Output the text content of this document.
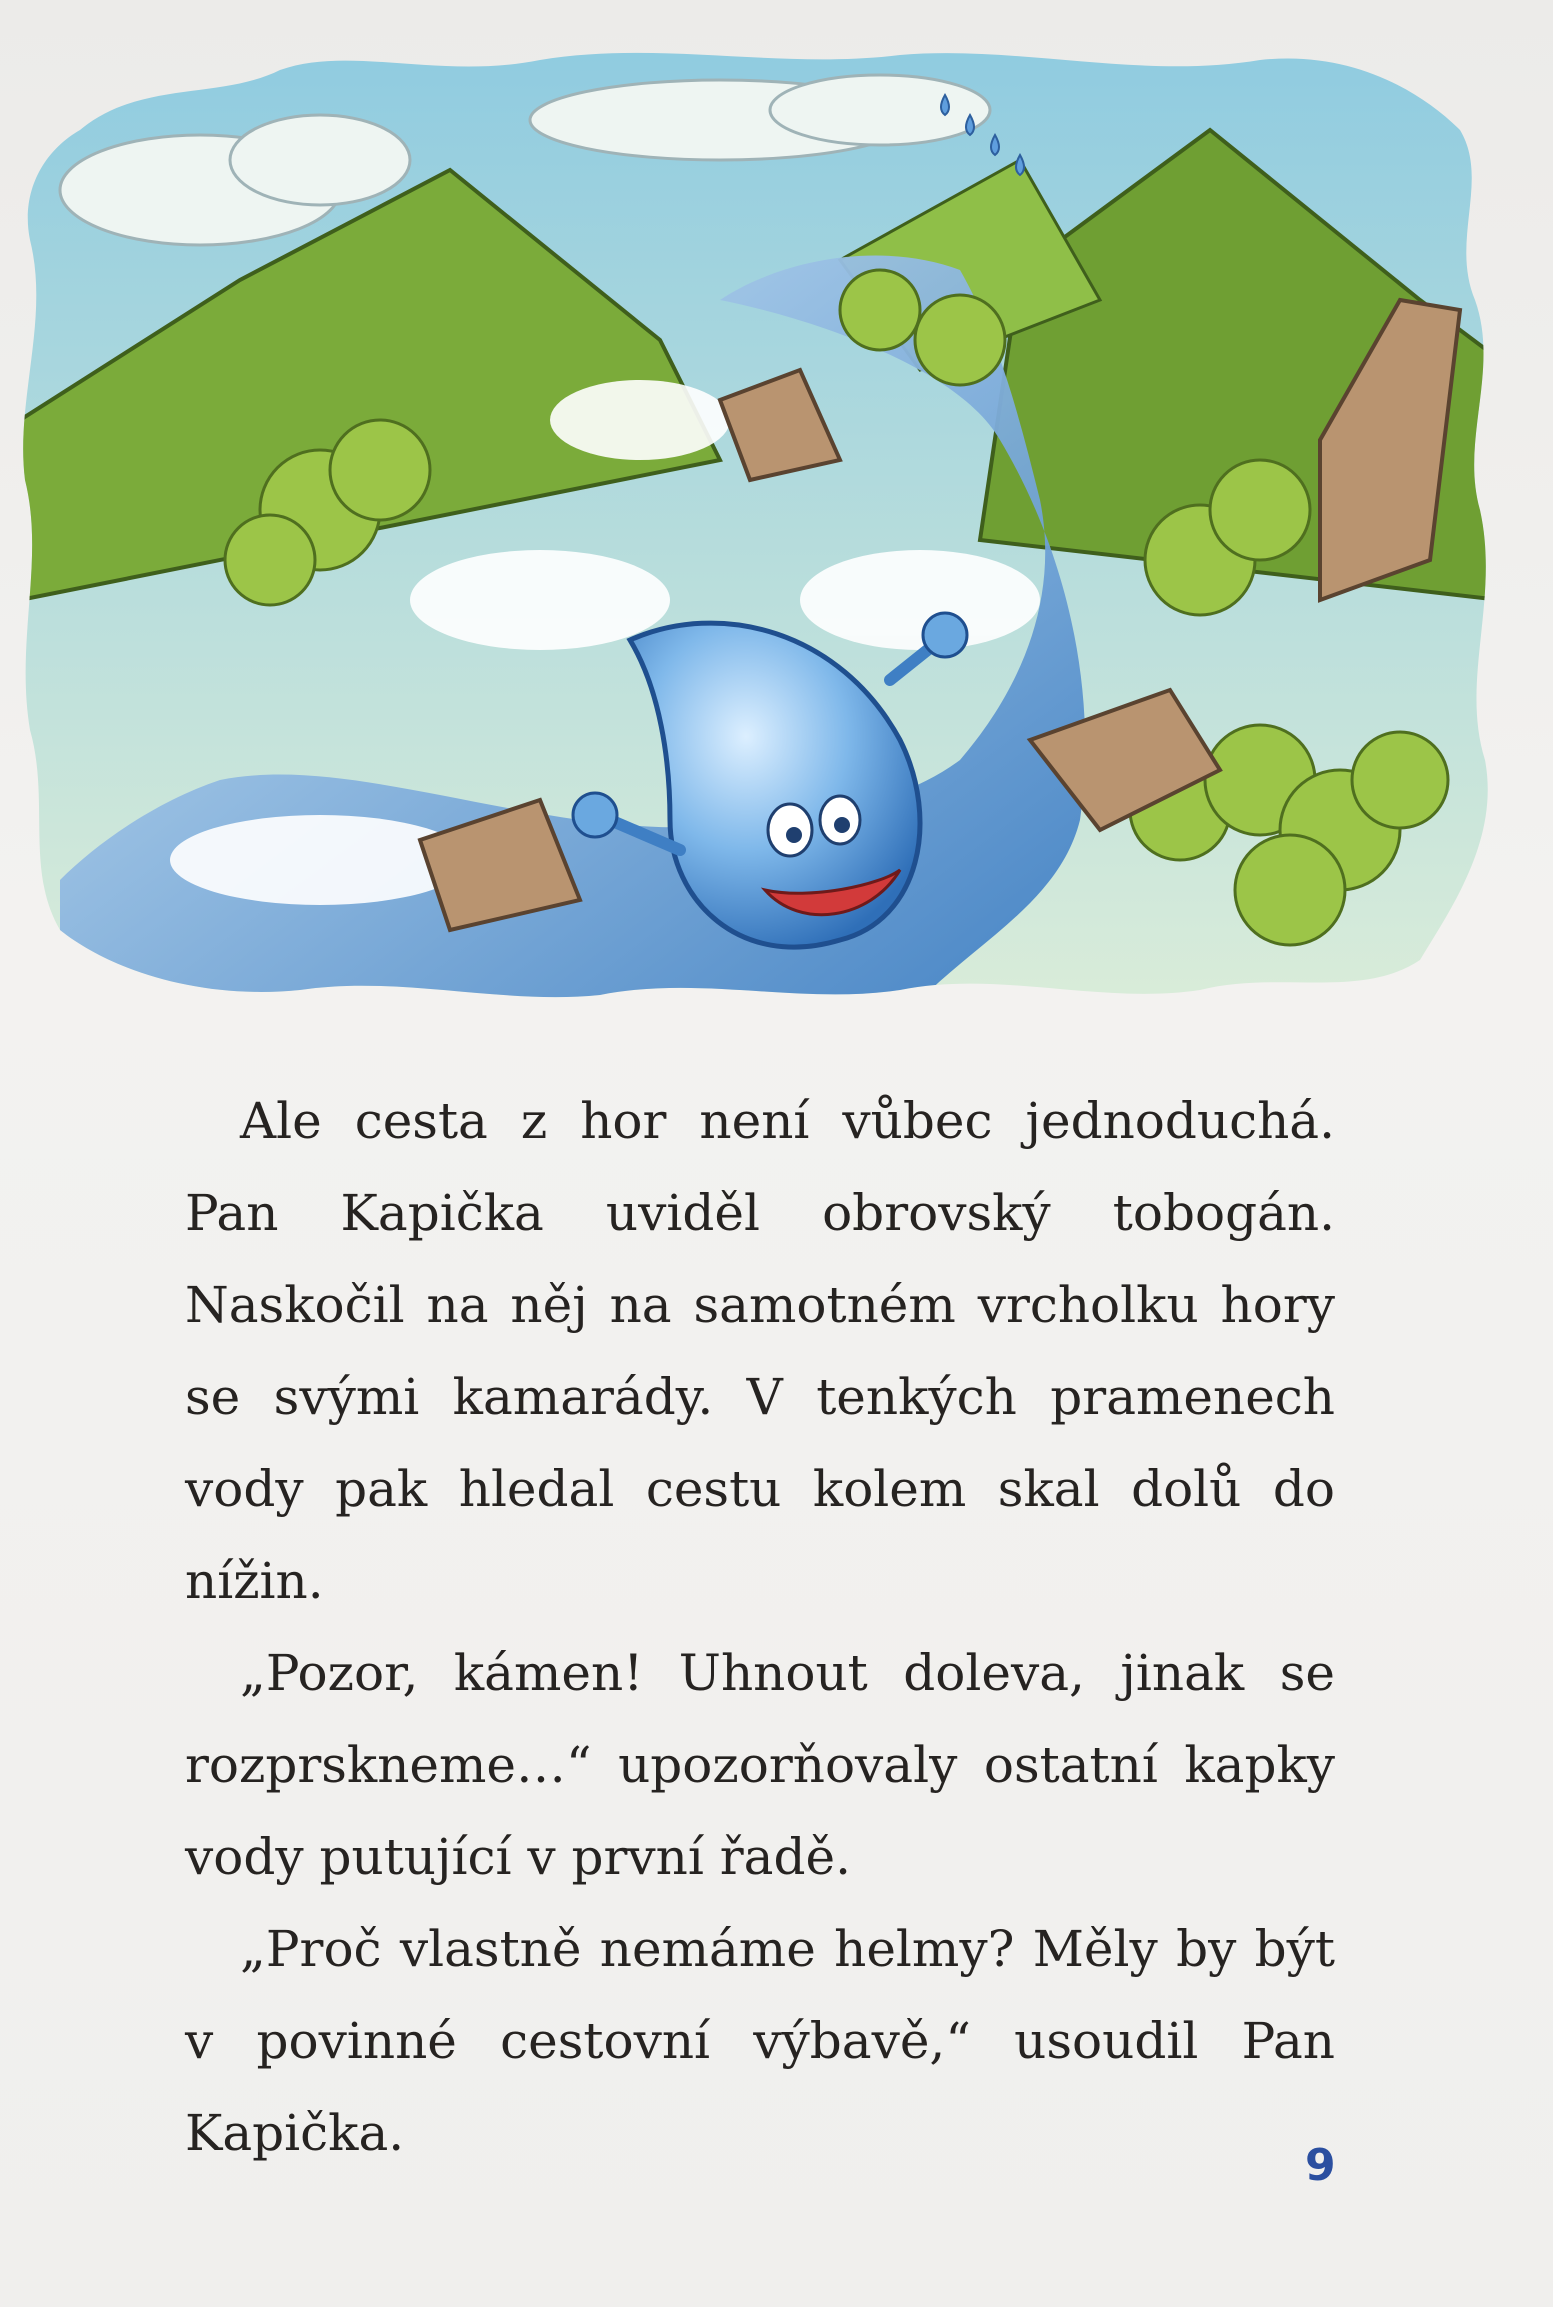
Ale cesta z hor není vůbec jednoduchá. Pan Kapička uviděl obrovský tobogán. Naskočil na něj na samotném vrcholku hory se svými kamarády. V tenkých pramenech vody pak hledal cestu kolem skal dolů do nížin.

„Pozor, kámen! Uhnout doleva, jinak se rozprskneme…“ upozorňovaly ostatní kapky vody putující v první řadě.

„Proč vlastně nemáme helmy? Měly by být v povinné cestovní výbavě,“ usoudil Pan Kapička.

9
